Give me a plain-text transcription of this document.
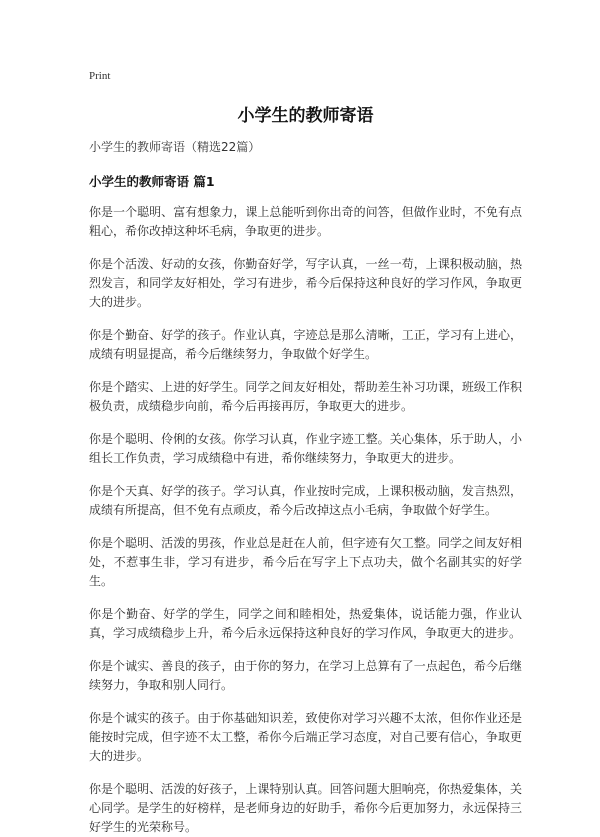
Print
小学生的教师寄语

小学生的教师寄语（精选22篇）

小学生的教师寄语 篇1

你是一个聪明、富有想象力，课上总能听到你出奇的问答，但做作业时，不免有点粗心，希你改掉这种坏毛病，争取更的进步。

你是个活泼、好动的女孩，你勤奋好学，写字认真，一丝一苟，上课积极动脑，热烈发言，和同学友好相处，学习有进步，希今后保持这种良好的学习作风，争取更大的进步。

你是个勤奋、好学的孩子。作业认真，字迹总是那么清晰，工正，学习有上进心，成绩有明显提高，希今后继续努力，争取做个好学生。

你是个踏实、上进的好学生。同学之间友好相处，帮助差生补习功课，班级工作积极负责，成绩稳步向前，希今后再接再厉，争取更大的进步。

你是个聪明、伶俐的女孩。你学习认真，作业字迹工整。关心集体，乐于助人，小组长工作负责，学习成绩稳中有进，希你继续努力，争取更大的进步。

你是个天真、好学的孩子。学习认真，作业按时完成，上课积极动脑，发言热烈，成绩有所提高，但不免有点顽皮，希今后改掉这点小毛病，争取做个好学生。

你是个聪明、活泼的男孩，作业总是赶在人前，但字迹有欠工整。同学之间友好相处，不惹事生非，学习有进步，希今后在写字上下点功夫，做个名副其实的好学生。

你是个勤奋、好学的学生，同学之间和睦相处，热爱集体，说话能力强，作业认真，学习成绩稳步上升，希今后永远保持这种良好的学习作风，争取更大的进步。

你是个诚实、善良的孩子，由于你的努力，在学习上总算有了一点起色，希今后继续努力，争取和别人同行。

你是个诚实的孩子。由于你基础知识差，致使你对学习兴趣不太浓，但你作业还是能按时完成，但字迹不太工整，希你今后端正学习态度，对自己要有信心，争取更大的进步。

你是个聪明、活泼的好孩子，上课特别认真。回答问题大胆响亮，你热爱集体，关心同学。是学生的好榜样，是老师身边的好助手，希你今后更加努力，永远保持三好学生的光荣称号。
